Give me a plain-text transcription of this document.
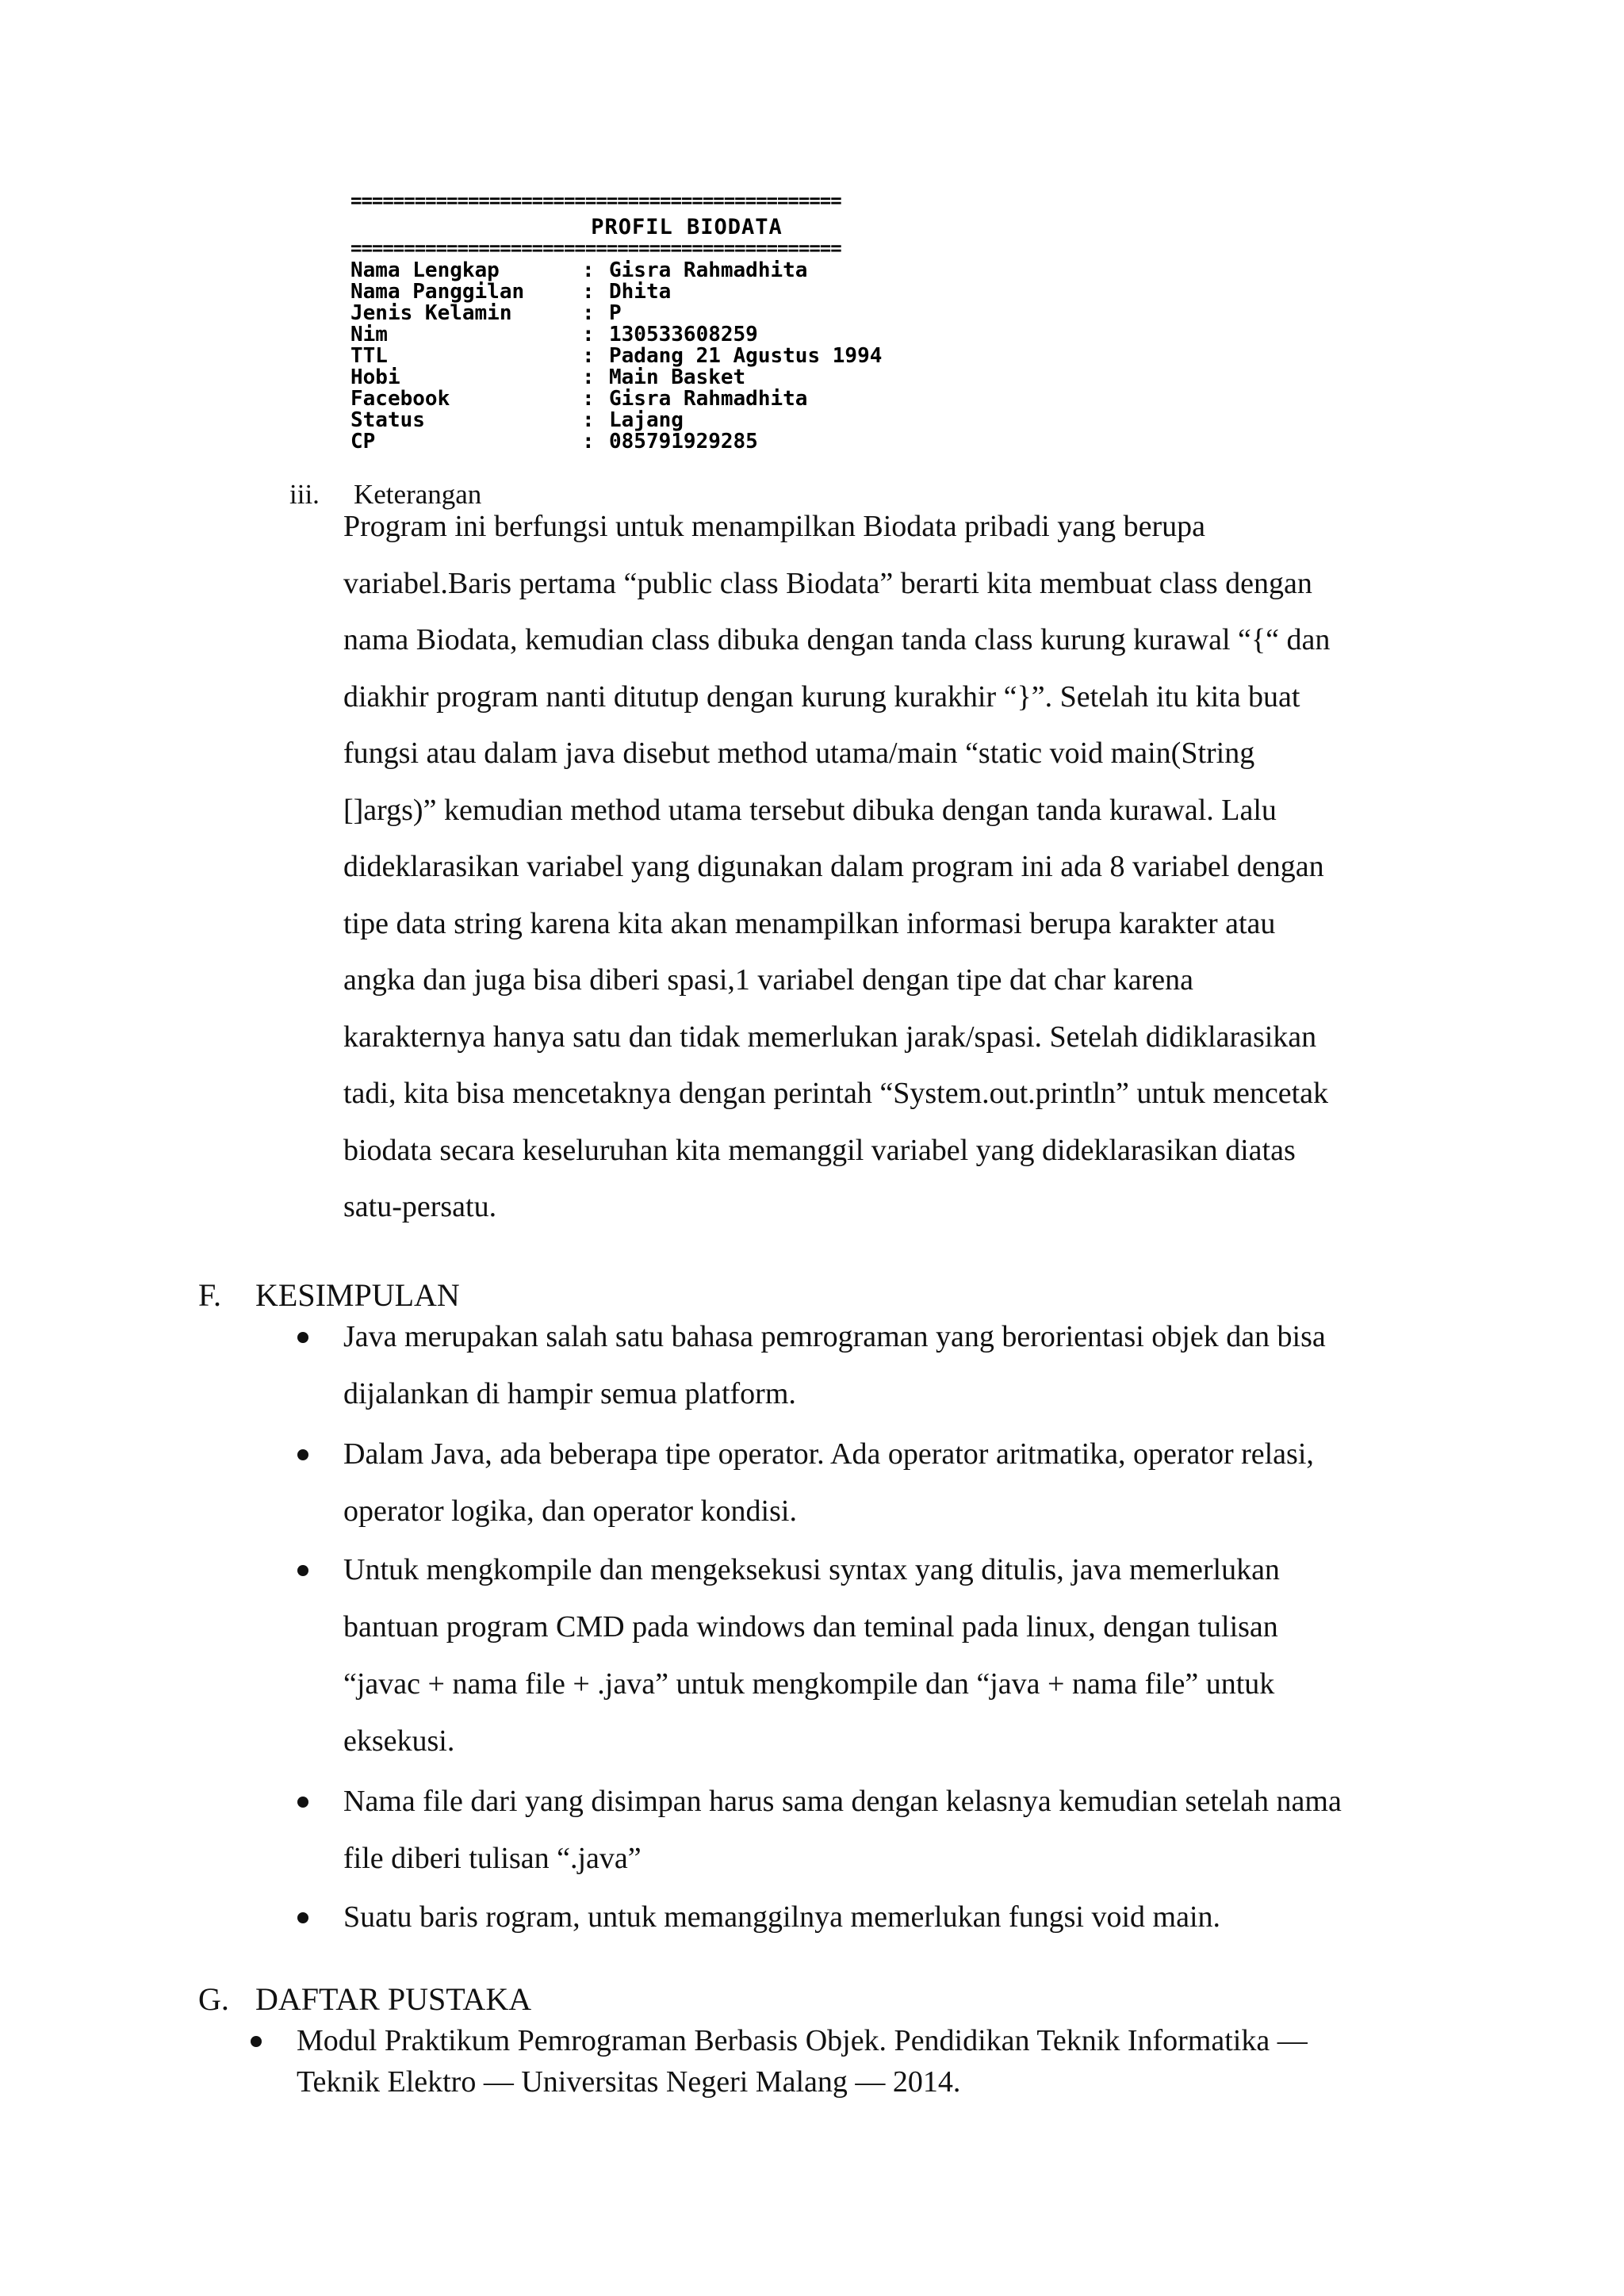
==============================================
PROFIL BIODATA
==============================================
Nama Lengkap	: Gisra Rahmadhita
Nama Panggilan	: Dhita
Jenis Kelamin	: P
Nim	: 130533608259
TTL	: Padang 21 Agustus 1994
Hobi	: Main Basket
Facebook	: Gisra Rahmadhita
Status	: Lajang
CP	: 085791929285
iii. Keterangan
Program ini berfungsi untuk menampilkan Biodata pribadi yang berupa
variabel.Baris pertama “public class Biodata” berarti kita membuat class dengan
nama Biodata, kemudian class dibuka dengan tanda class kurung kurawal “{“ dan
diakhir program nanti ditutup dengan kurung kurakhir “}”. Setelah itu kita buat
fungsi atau dalam java disebut method utama/main “static void main(String
[]args)” kemudian method utama tersebut dibuka dengan tanda kurawal. Lalu
dideklarasikan variabel yang digunakan dalam program ini ada 8 variabel dengan
tipe data string karena kita akan menampilkan informasi berupa karakter atau
angka dan juga bisa diberi spasi,1 variabel dengan tipe dat char karena
karakternya hanya satu dan tidak memerlukan jarak/spasi. Setelah didiklarasikan
tadi, kita bisa mencetaknya dengan perintah “System.out.println” untuk mencetak
biodata secara keseluruhan kita memanggil variabel yang dideklarasikan diatas
satu-persatu.
F. KESIMPULAN
Java merupakan salah satu bahasa pemrograman yang berorientasi objek dan bisa
dijalankan di hampir semua platform.
Dalam Java, ada beberapa tipe operator. Ada operator aritmatika, operator relasi,
operator logika, dan operator kondisi.
Untuk mengkompile dan mengeksekusi syntax yang ditulis, java memerlukan
bantuan program CMD pada windows dan teminal pada linux, dengan tulisan
“javac + nama file + .java” untuk mengkompile dan “java + nama file” untuk
eksekusi.
Nama file dari yang disimpan harus sama dengan kelasnya kemudian setelah nama
file diberi tulisan “.java”
Suatu baris rogram, untuk memanggilnya memerlukan fungsi void main.
G. DAFTAR PUSTAKA
Modul Praktikum Pemrograman Berbasis Objek. Pendidikan Teknik Informatika —
Teknik Elektro — Universitas Negeri Malang — 2014.
